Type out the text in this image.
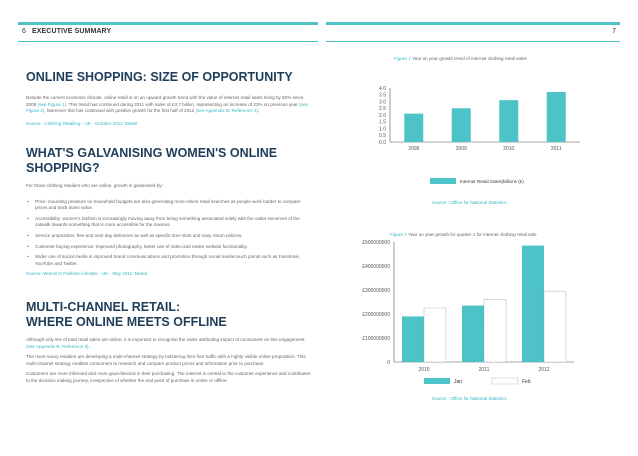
6 EXECUTIVE SUMMARY	7
ONLINE SHOPPING: SIZE OF OPPORTUNITY

Despite the current economic climate, online retail is on an upward growth trend with the value of internet retail sales rising by 82% since 2008 (see Figure 1). This trend has continued during 2011 with sales of £3.7 billion, representing an increase of 23% on previous year (see Figure 2). Moreover this has continued with positive growth for the first half of 2012 (see Appendix B: Reference 2).

Source : Clothing Retailing - UK - October 2011: Mintel

WHAT'S GALVANISING WOMEN'S ONLINE
SHOPPING?

For those clothing retailers who are online, growth is galvanised by:

• Price: mounting pressure on household budgets are also generating more online retail searches as people work harder to compare prices and track down value.
• Accessibility: women's fashion is increasingly moving away from being something associated solely with the outlet sincerves of the catwalk towards something that is more accessible for the masses.
• Service proposition: free and next day deliveries as well as specific time slots and easy return policies.
• Customer buying experience: improved photography, better use of video and easier website functionality.
• Wider use of social media is improved brand communications and promotion through social media touch points such as Facebook, YouTube and Twitter.

Source: Women's Fashion Lifestyle - UK - May 2011: Mintel

MULTI-CHANNEL RETAIL:
WHERE ONLINE MEETS OFFLINE

Although only 6% of total retail sales are online, it is important to recognise the wider attributing impact of consumers on-line engagement (see Appendix B: Reference 3).

The more savvy retailers are developing a multi-channel strategy by bolstering their foot traffic with a highly visible online proposition. This multi-channel strategy enables consumers to research and compare product prices and information prior to purchase.

Customers are more informed and more goal-directed in their purchasing. The internet is central to the customer experience and contributes to the decision making journey, irrespective of whether the end point of purchase is online or offline.

Figure 1 Year on year growth trend of internet clothing retail sales
0.0
0.5
1.0
1.5
2.0
2.5
3.0
3.5
4.0
2008	2009	2010	2011
Internet Retail Sales(billions (£)
Source : Office for National Statistics
Figure 2 Year on year growth for quarter 1 for internet clothing retail sale
0
£100000000
£200000000
£300000000
£400000000
£500000000
2010	2011	2012
Jan	Feb
Source : Office for National Statistics
